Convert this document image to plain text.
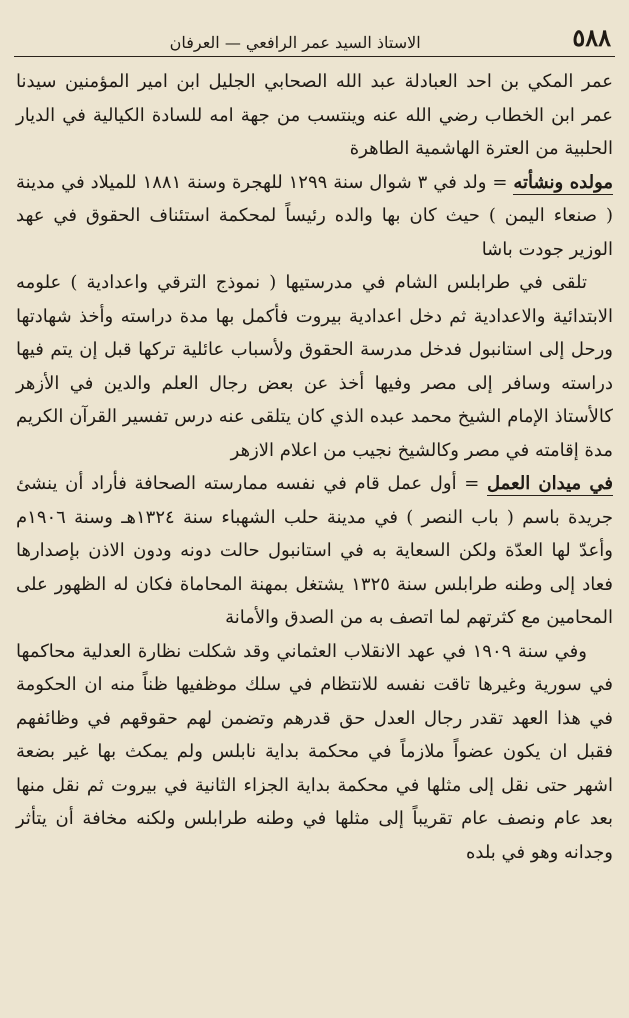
٥٨٨
الاستاذ السيد عمر الرافعي — العرفان

عمر المكي بن احد العبادلة عبد الله الصحابي الجليل ابن امير المؤمنين سيدنا عمر ابن الخطاب رضي الله عنه وينتسب من جهة امه للسادة الكيالية في الديار الحلبية من العترة الهاشمية الطاهرة

مولده ونشأته = ولد في ٣ شوال سنة ١٢٩٩ للهجرة وسنة ١٨٨١ للميلاد في مدينة ( صنعاء اليمن ) حيث كان بها والده رئيساً لمحكمة استئناف الحقوق في عهد الوزير جودت باشا

تلقى في طرابلس الشام في مدرستيها ( نموذج الترقي واعدادية ) علومه الابتدائية والاعدادية ثم دخل اعدادية بيروت فأكمل بها مدة دراسته وأخذ شهادتها ورحل إلى استانبول فدخل مدرسة الحقوق ولأسباب عائلية تركها قبل إن يتم فيها دراسته وسافر إلى مصر وفيها أخذ عن بعض رجال العلم والدين في الأزهر كالأستاذ الإمام الشيخ محمد عبده الذي كان يتلقى عنه درس تفسير القرآن الكريم مدة إقامته في مصر وكالشيخ نجيب من اعلام الازهر

في ميدان العمل = أول عمل قام في نفسه ممارسته الصحافة فأراد أن ينشئ جريدة باسم ( باب النصر ) في مدينة حلب الشهباء سنة ١٣٢٤هـ وسنة ١٩٠٦م وأعدّ لها العدّة ولكن السعاية به في استانبول حالت دونه ودون الاذن بإصدارها فعاد إلى وطنه طرابلس سنة ١٣٢٥ يشتغل بمهنة المحاماة فكان له الظهور على المحامين مع كثرتهم لما اتصف به من الصدق والأمانة

وفي سنة ١٩٠٩ في عهد الانقلاب العثماني وقد شكلت نظارة العدلية محاكمها في سورية وغيرها تاقت نفسه للانتظام في سلك موظفيها ظناً منه ان الحكومة في هذا العهد تقدر رجال العدل حق قدرهم وتضمن لهم حقوقهم في وظائفهم فقبل ان يكون عضواً ملازماً في محكمة بداية نابلس ولم يمكث بها غير بضعة اشهر حتى نقل إلى مثلها في محكمة بداية الجزاء الثانية في بيروت ثم نقل منها بعد عام ونصف عام تقريباً إلى مثلها في وطنه طرابلس ولكنه مخافة أن يتأثر وجدانه وهو في بلده
